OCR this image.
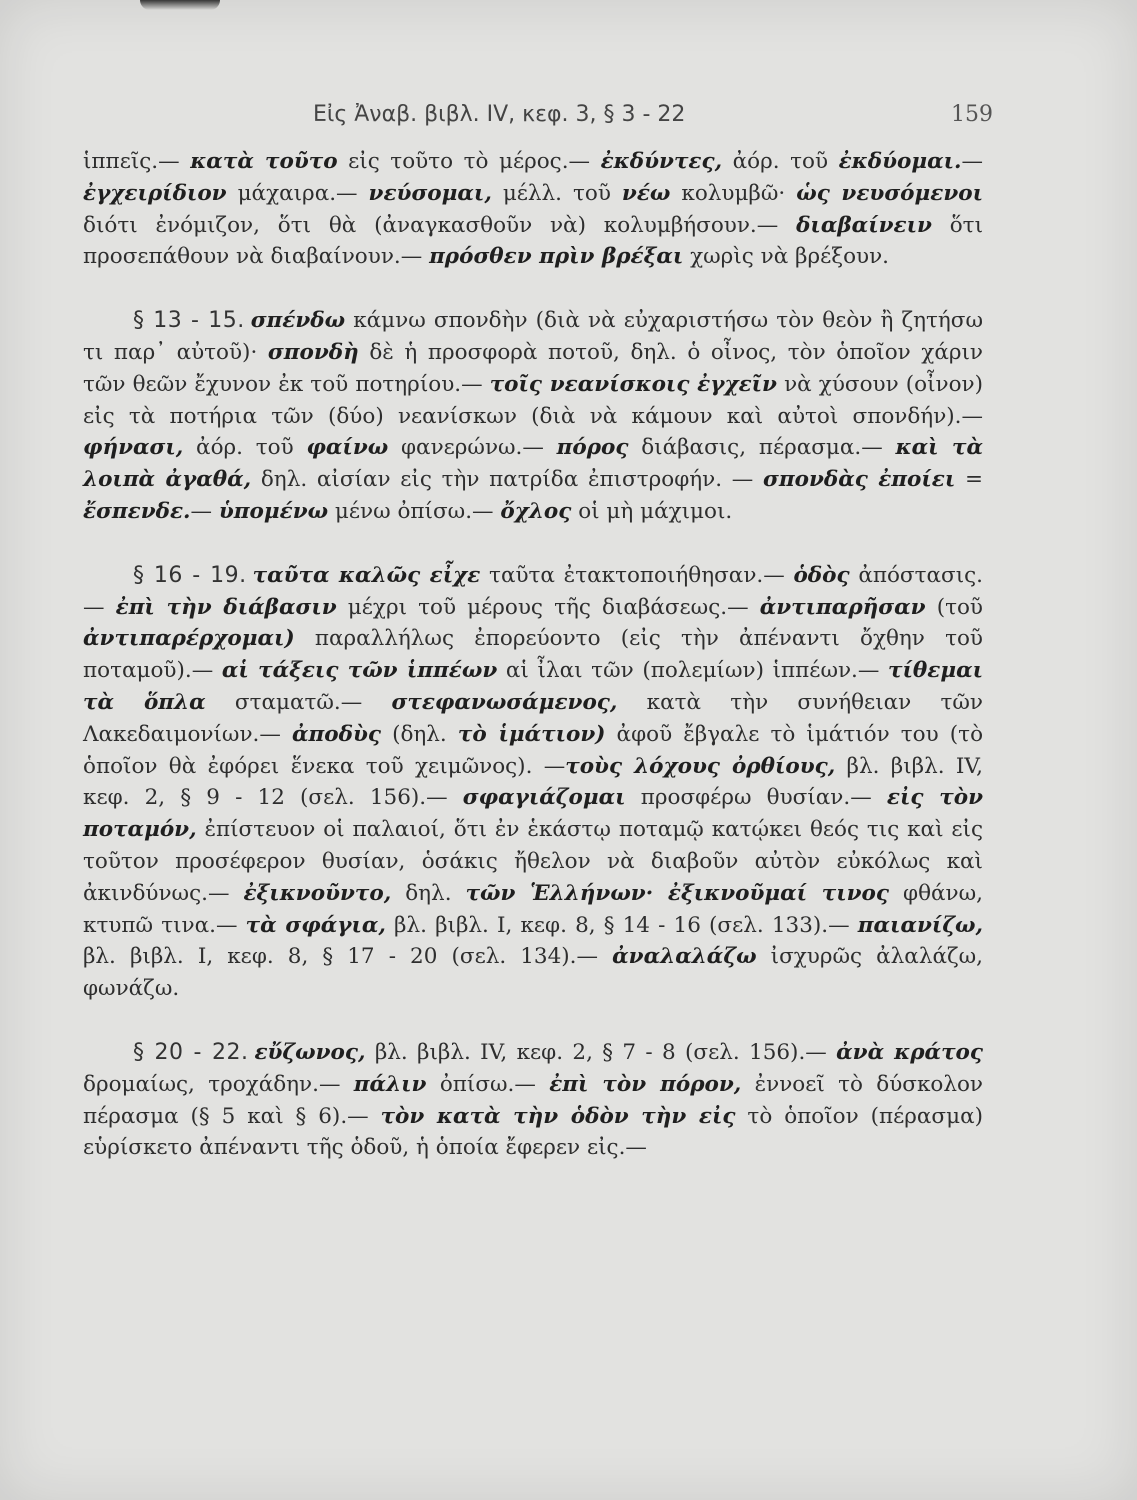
Εἰς Ἀναβ. βιβλ. IV, κεφ. 3, § 3 - 22	159

ἱππεῖς.— κατὰ τοῦτο εἰς τοῦτο τὸ μέρος.— ἐκδύντες, ἀόρ. τοῦ ἐκδύομαι.— ἐγχειρίδιον μάχαιρα.— νεύσομαι, μέλλ. τοῦ νέω κολυμβῶ· ὡς νευσόμενοι διότι ἐνόμιζον, ὅτι θὰ (ἀναγκασθοῦν νὰ) κολυμβήσουν.— διαβαίνειν ὅτι προσεπάθουν νὰ διαβαίνουν.— πρόσθεν πρὶν βρέξαι χωρὶς νὰ βρέξουν.

§ 13 - 15. σπένδω κάμνω σπονδὴν (διὰ νὰ εὐχαριστήσω τὸν θεὸν ἢ ζητήσω τι παρ᾽ αὐτοῦ)· σπονδὴ δὲ ἡ προσφορὰ ποτοῦ, δηλ. ὁ οἶνος, τὸν ὁποῖον χάριν τῶν θεῶν ἔχυνον ἐκ τοῦ ποτηρίου.— τοῖς νεανίσκοις ἐγχεῖν νὰ χύσουν (οἶνον) εἰς τὰ ποτήρια τῶν (δύο) νεανίσκων (διὰ νὰ κάμουν καὶ αὐτοὶ σπονδήν).— φήνασι, ἀόρ. τοῦ φαίνω φανερώνω.— πόρος διάβασις, πέρασμα.— καὶ τὰ λοιπὰ ἀγαθά, δηλ. αἰσίαν εἰς τὴν πατρίδα ἐπιστροφήν. — σπονδὰς ἐποίει = ἔσπενδε.— ὑπομένω μένω ὀπίσω.— ὄχλος οἱ μὴ μάχιμοι.

§ 16 - 19. ταῦτα καλῶς εἶχε ταῦτα ἐτακτοποιήθησαν.— ὁδὸς ἀπόστασις.— ἐπὶ τὴν διάβασιν μέχρι τοῦ μέρους τῆς διαβάσεως.— ἀντιπαρῆσαν (τοῦ ἀντιπαρέρχομαι) παραλλήλως ἐπορεύοντο (εἰς τὴν ἀπέναντι ὄχθην τοῦ ποταμοῦ).— αἱ τάξεις τῶν ἱππέων αἱ ἶλαι τῶν (πολεμίων) ἱππέων.— τίθεμαι τὰ ὅπλα σταματῶ.— στεφανωσάμενος, κατὰ τὴν συνήθειαν τῶν Λακεδαιμονίων.— ἀποδὺς (δηλ. τὸ ἱμάτιον) ἀφοῦ ἔβγαλε τὸ ἱμάτιόν του (τὸ ὁποῖον θὰ ἐφόρει ἕνεκα τοῦ χειμῶνος). —τοὺς λόχους ὀρθίους, βλ. βιβλ. IV, κεφ. 2, § 9 - 12 (σελ. 156).— σφαγιάζομαι προσφέρω θυσίαν.— εἰς τὸν ποταμόν, ἐπίστευον οἱ παλαιοί, ὅτι ἐν ἑκάστῳ ποταμῷ κατῴκει θεός τις καὶ εἰς τοῦτον προσέφερον θυσίαν, ὁσάκις ἤθελον νὰ διαβοῦν αὐτὸν εὐκόλως καὶ ἀκινδύνως.— ἐξικνοῦντο, δηλ. τῶν Ἑλλήνων· ἐξικνοῦμαί τινος φθάνω, κτυπῶ τινα.— τὰ σφάγια, βλ. βιβλ. I, κεφ. 8, § 14 - 16 (σελ. 133).— παιανίζω, βλ. βιβλ. I, κεφ. 8, § 17 - 20 (σελ. 134).— ἀναλαλάζω ἰσχυρῶς ἀλαλάζω, φωνάζω.

§ 20 - 22. εὔζωνος, βλ. βιβλ. IV, κεφ. 2, § 7 - 8 (σελ. 156).— ἀνὰ κράτος δρομαίως, τροχάδην.— πάλιν ὀπίσω.— ἐπὶ τὸν πόρον, ἐννοεῖ τὸ δύσκολον πέρασμα (§ 5 καὶ § 6).— τὸν κατὰ τὴν ὁδὸν τὴν εἰς τὸ ὁποῖον (πέρασμα) εὑρίσκετο ἀπέναντι τῆς ὁδοῦ, ἡ ὁποία ἔφερεν εἰς.—
